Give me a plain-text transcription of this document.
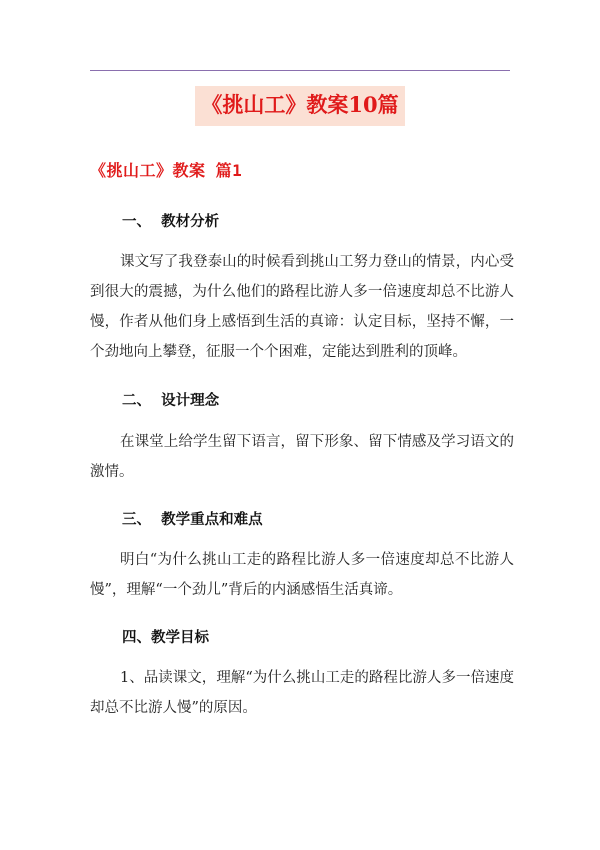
《挑山工》教案10篇
《挑山工》教案 篇1
一、  教材分析
课文写了我登泰山的时候看到挑山工努力登山的情景，内心受到很大的震撼，为什么他们的路程比游人多一倍速度却总不比游人慢，作者从他们身上感悟到生活的真谛：认定目标，坚持不懈，一个劲地向上攀登，征服一个个困难，定能达到胜利的顶峰。
二、  设计理念
在课堂上给学生留下语言，留下形象、留下情感及学习语文的激情。
三、  教学重点和难点
明白“为什么挑山工走的路程比游人多一倍速度却总不比游人慢”，理解“一个劲儿”背后的内涵感悟生活真谛。
四、教学目标
1、品读课文，理解“为什么挑山工走的路程比游人多一倍速度却总不比游人慢”的原因。
